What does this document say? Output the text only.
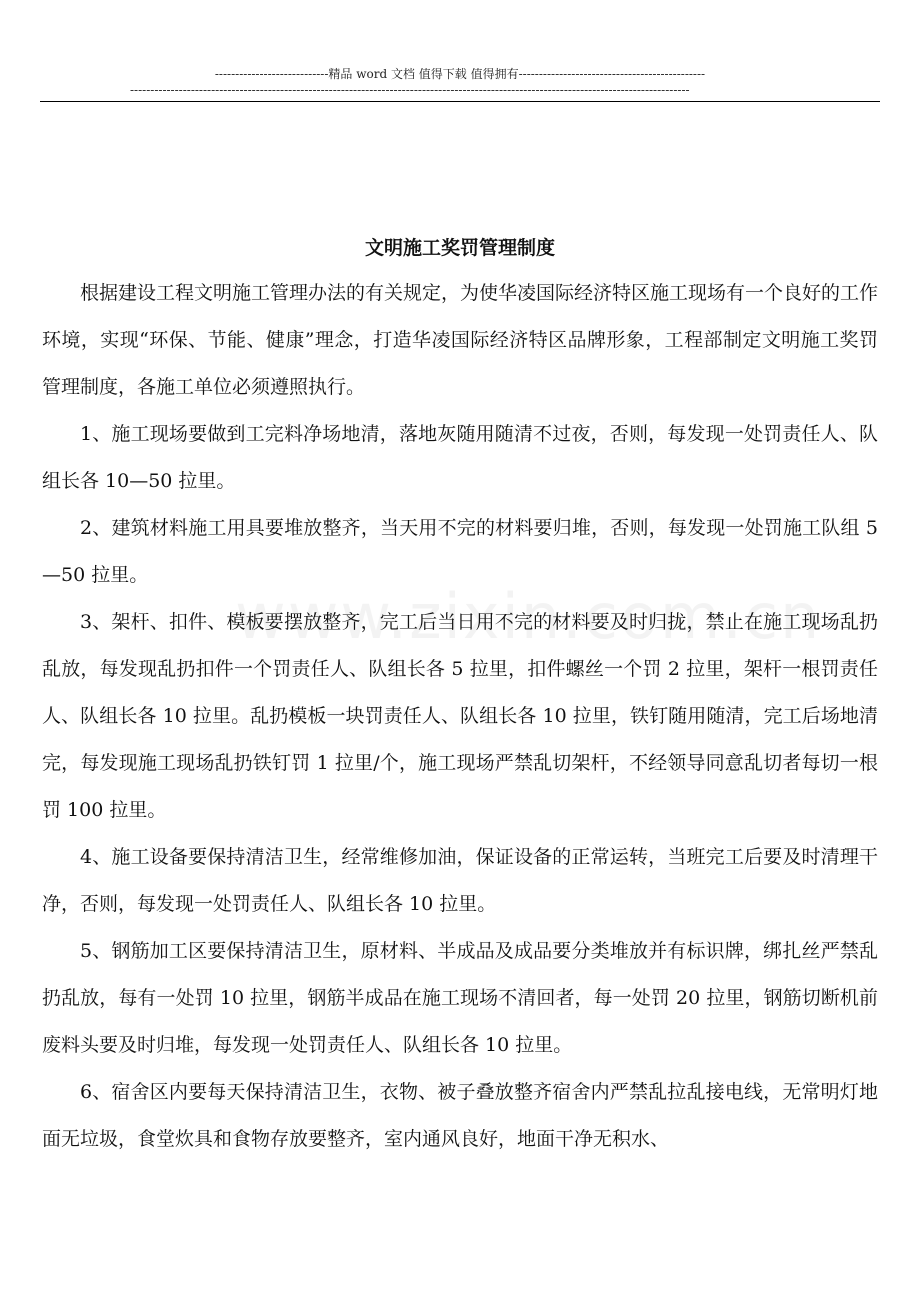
----------------------------精品 word 文档 值得下载 值得拥有----------------------------------------------
------------------------------------------------------------------------------------------------------------------------------------------
文明施工奖罚管理制度

根据建设工程文明施工管理办法的有关规定，为使华凌国际经济特区施工现场有一个良好的工作环境，实现“环保、节能、健康”理念，打造华凌国际经济特区品牌形象，工程部制定文明施工奖罚管理制度，各施工单位必须遵照执行。

1、施工现场要做到工完料净场地清，落地灰随用随清不过夜，否则，每发现一处罚责任人、队组长各 10—50 拉里。

2、建筑材料施工用具要堆放整齐，当天用不完的材料要归堆，否则，每发现一处罚施工队组 5—50 拉里。

3、架杆、扣件、模板要摆放整齐，完工后当日用不完的材料要及时归拢，禁止在施工现场乱扔乱放，每发现乱扔扣件一个罚责任人、队组长各 5 拉里，扣件螺丝一个罚 2 拉里，架杆一根罚责任人、队组长各 10 拉里。乱扔模板一块罚责任人、队组长各 10 拉里，铁钉随用随清，完工后场地清完，每发现施工现场乱扔铁钉罚 1 拉里/个，施工现场严禁乱切架杆，不经领导同意乱切者每切一根罚 100 拉里。

4、施工设备要保持清洁卫生，经常维修加油，保证设备的正常运转，当班完工后要及时清理干净，否则，每发现一处罚责任人、队组长各 10 拉里。

5、钢筋加工区要保持清洁卫生，原材料、半成品及成品要分类堆放并有标识牌，绑扎丝严禁乱扔乱放，每有一处罚 10 拉里，钢筋半成品在施工现场不清回者，每一处罚 20 拉里，钢筋切断机前废料头要及时归堆，每发现一处罚责任人、队组长各 10 拉里。

6、宿舍区内要每天保持清洁卫生，衣物、被子叠放整齐宿舍内严禁乱拉乱接电线，无常明灯地面无垃圾，食堂炊具和食物存放要整齐，室内通风良好，地面干净无积水、
